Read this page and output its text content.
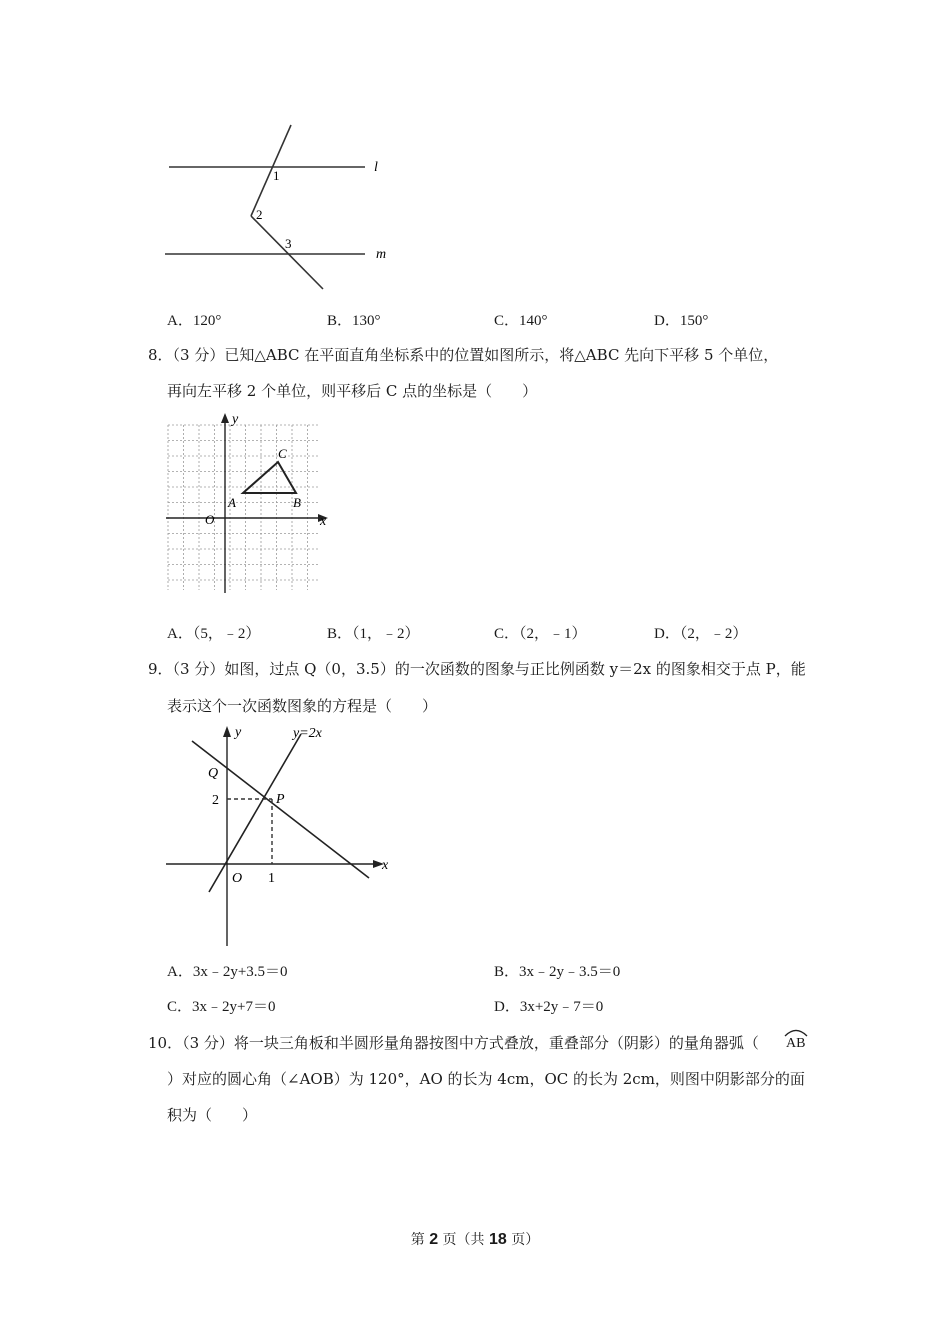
1
2
3
l
m
A．120°	B．130°	C．140°	D．150°
8．（3 分）已知△ABC 在平面直角坐标系中的位置如图所示，将△ABC 先向下平移 5 个单位，
再向左平移 2 个单位，则平移后 C 点的坐标是（　　）
y
x
O
A	B
C
A．（5，﹣2）	B．（1，﹣2）	C．（2，﹣1）	D．（2，﹣2）
9．（3 分）如图，过点 Q（0，3.5）的一次函数的图象与正比例函数 y＝2x 的图象相交于点 P，能
表示这个一次函数图象的方程是（　　）
y	y=2x
Q
2	P
O 1
x
A．3x﹣2y+3.5＝0	B．3x﹣2y﹣3.5＝0
C．3x﹣2y+7＝0	D．3x+2y﹣7＝0
10．（3 分）将一块三角板和半圆形量角器按图中方式叠放，重叠部分（阴影）的量角器弧（ AB
）对应的圆心角（∠AOB）为 120°，AO 的长为 4cm，OC 的长为 2cm，则图中阴影部分的面
积为（　　）
第 2 页（共 18 页）
